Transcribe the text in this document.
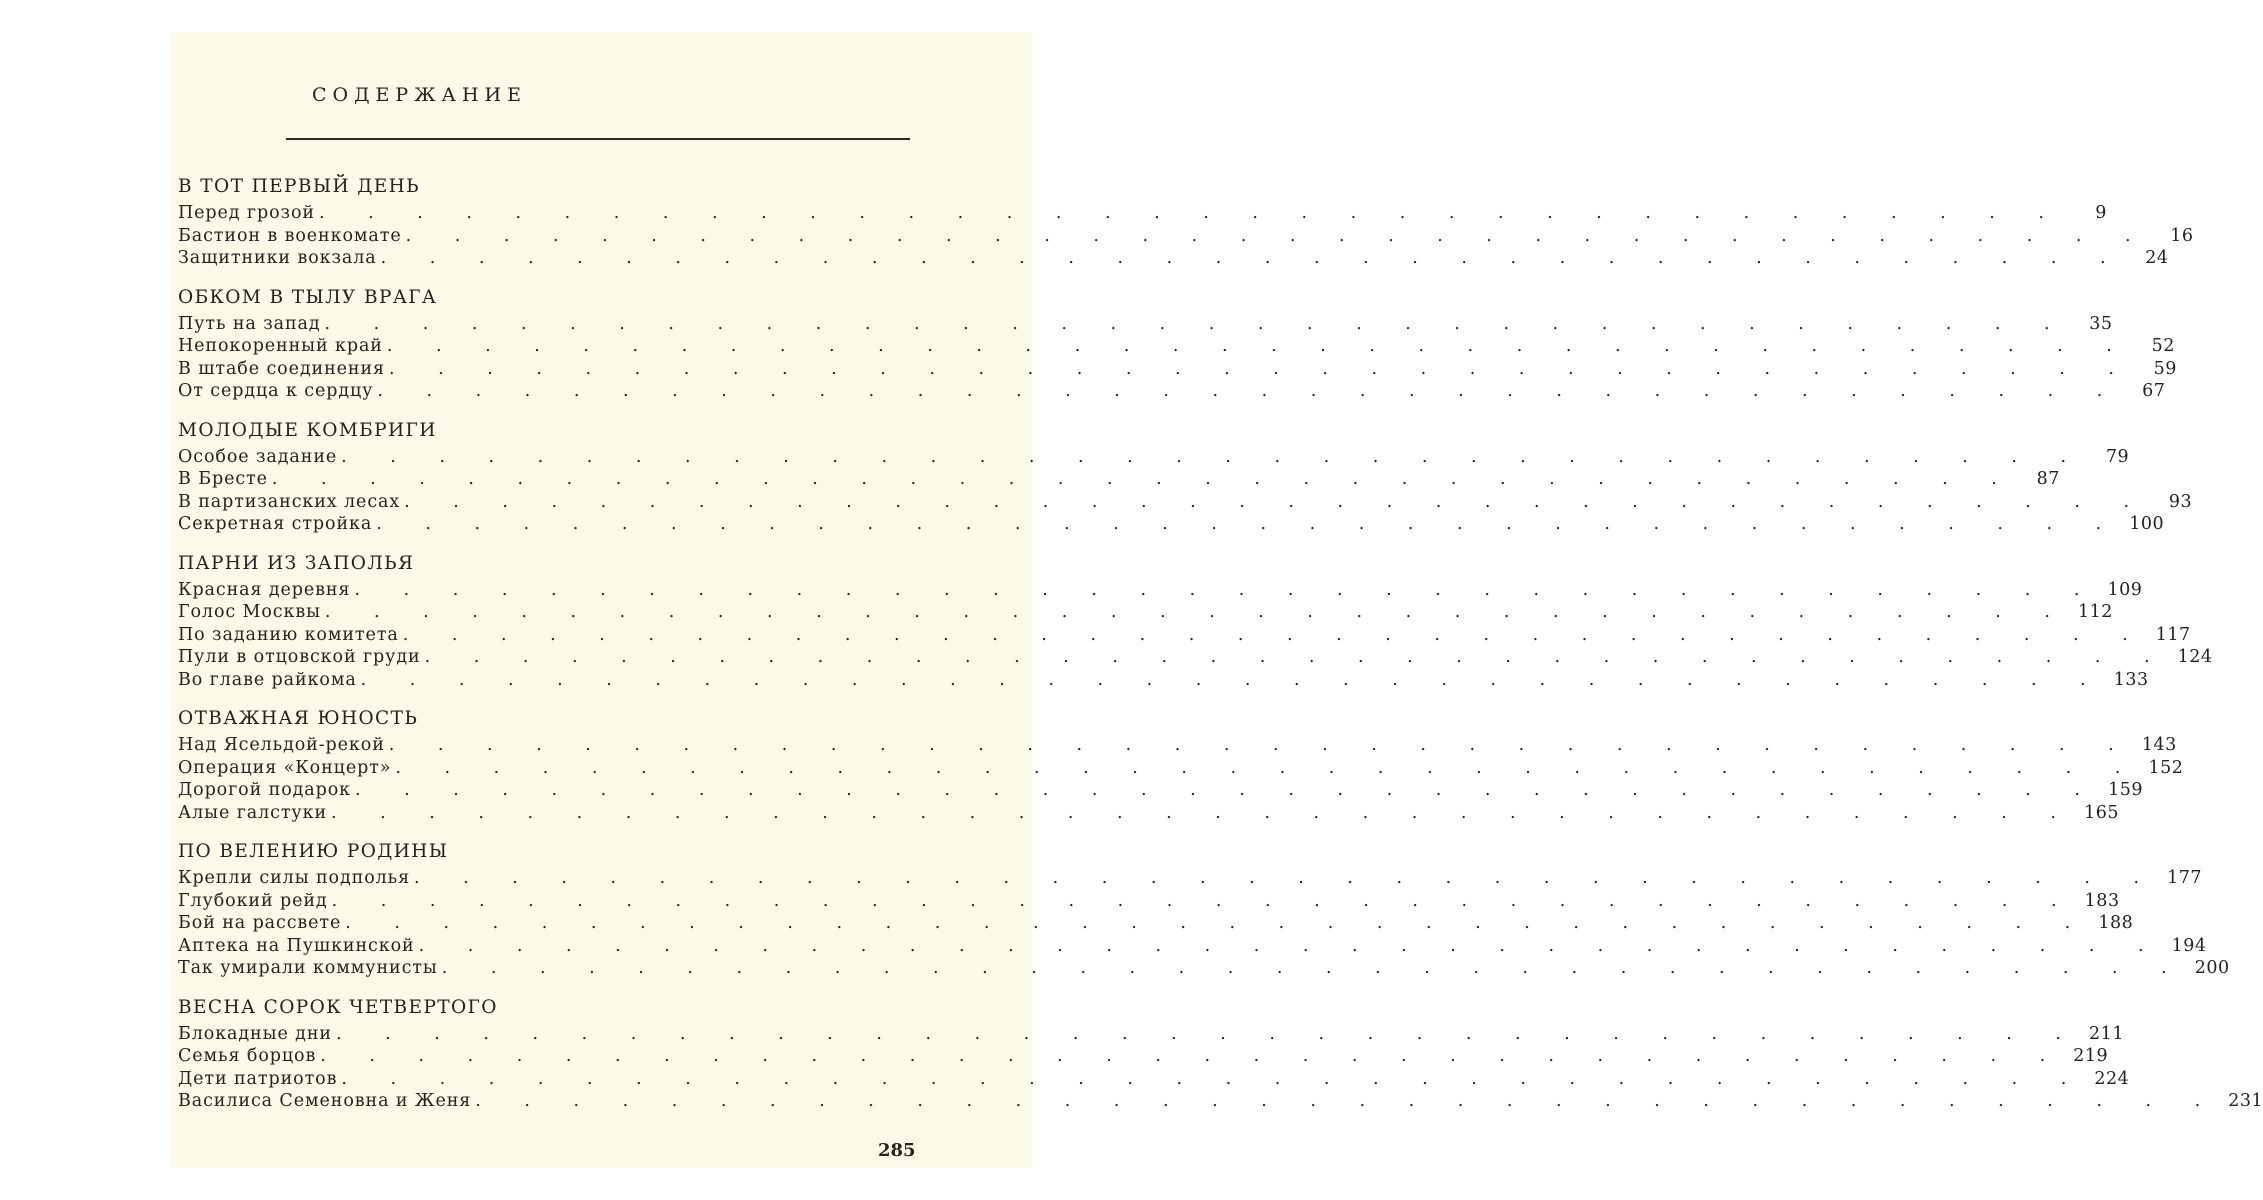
СОДЕРЖАНИЕ
В ТОТ ПЕРВЫЙ ДЕНЬ
Перед грозой . . . . . . . . . . . . . . . . . . . . . . . . . . . . . . . . . . . .	9
Бастион в военкомате . . . . . . . . . . . . . . . . . . . . . . . . . . . . . . . . . . . .	16
Защитники вокзала . . . . . . . . . . . . . . . . . . . . . . . . . . . . . . . . . . . .	24
ОБКОМ В ТЫЛУ ВРАГА
Путь на запад . . . . . . . . . . . . . . . . . . . . . . . . . . . . . . . . . . . .	35
Непокоренный край . . . . . . . . . . . . . . . . . . . . . . . . . . . . . . . . . . . .	52
В штабе соединения . . . . . . . . . . . . . . . . . . . . . . . . . . . . . . . . . . . .	59
От сердца к сердцу . . . . . . . . . . . . . . . . . . . . . . . . . . . . . . . . . . . .	67
МОЛОДЫЕ КОМБРИГИ
Особое задание . . . . . . . . . . . . . . . . . . . . . . . . . . . . . . . . . . . .	79
В Бресте . . . . . . . . . . . . . . . . . . . . . . . . . . . . . . . . . . . .	87
В партизанских лесах . . . . . . . . . . . . . . . . . . . . . . . . . . . . . . . . . . . .	93
Секретная стройка . . . . . . . . . . . . . . . . . . . . . . . . . . . . . . . . . . . . 100
ПАРНИ ИЗ ЗАПОЛЬЯ
Красная деревня . . . . . . . . . . . . . . . . . . . . . . . . . . . . . . . . . . . . 109
Голос Москвы . . . . . . . . . . . . . . . . . . . . . . . . . . . . . . . . . . . . 112
По заданию комитета . . . . . . . . . . . . . . . . . . . . . . . . . . . . . . . . . . . . 117
Пули в отцовской груди . . . . . . . . . . . . . . . . . . . . . . . . . . . . . . . . . . . . 124
Во главе райкома . . . . . . . . . . . . . . . . . . . . . . . . . . . . . . . . . . . . 133
ОТВАЖНАЯ ЮНОСТЬ
Над Ясельдой-рекой . . . . . . . . . . . . . . . . . . . . . . . . . . . . . . . . . . . . 143
Операция «Концерт» . . . . . . . . . . . . . . . . . . . . . . . . . . . . . . . . . . . . 152
Дорогой подарок . . . . . . . . . . . . . . . . . . . . . . . . . . . . . . . . . . . . 159
Алые галстуки . . . . . . . . . . . . . . . . . . . . . . . . . . . . . . . . . . . . 165
ПО ВЕЛЕНИЮ РОДИНЫ
Крепли силы подполья . . . . . . . . . . . . . . . . . . . . . . . . . . . . . . . . . . . . 177
Глубокий рейд . . . . . . . . . . . . . . . . . . . . . . . . . . . . . . . . . . . . 183
Бой на рассвете . . . . . . . . . . . . . . . . . . . . . . . . . . . . . . . . . . . . 188
Аптека на Пушкинской . . . . . . . . . . . . . . . . . . . . . . . . . . . . . . . . . . . . 194
Так умирали коммунисты . . . . . . . . . . . . . . . . . . . . . . . . . . . . . . . . . . . . 200
ВЕСНА СОРОК ЧЕТВЕРТОГО
Блокадные дни . . . . . . . . . . . . . . . . . . . . . . . . . . . . . . . . . . . . 211
Семья борцов . . . . . . . . . . . . . . . . . . . . . . . . . . . . . . . . . . . . 219
Дети патриотов . . . . . . . . . . . . . . . . . . . . . . . . . . . . . . . . . . . . 224
Василиса Семеновна и Женя . . . . . . . . . . . . . . . . . . . . . . . . . . . . . . . . . . . . 231
285
